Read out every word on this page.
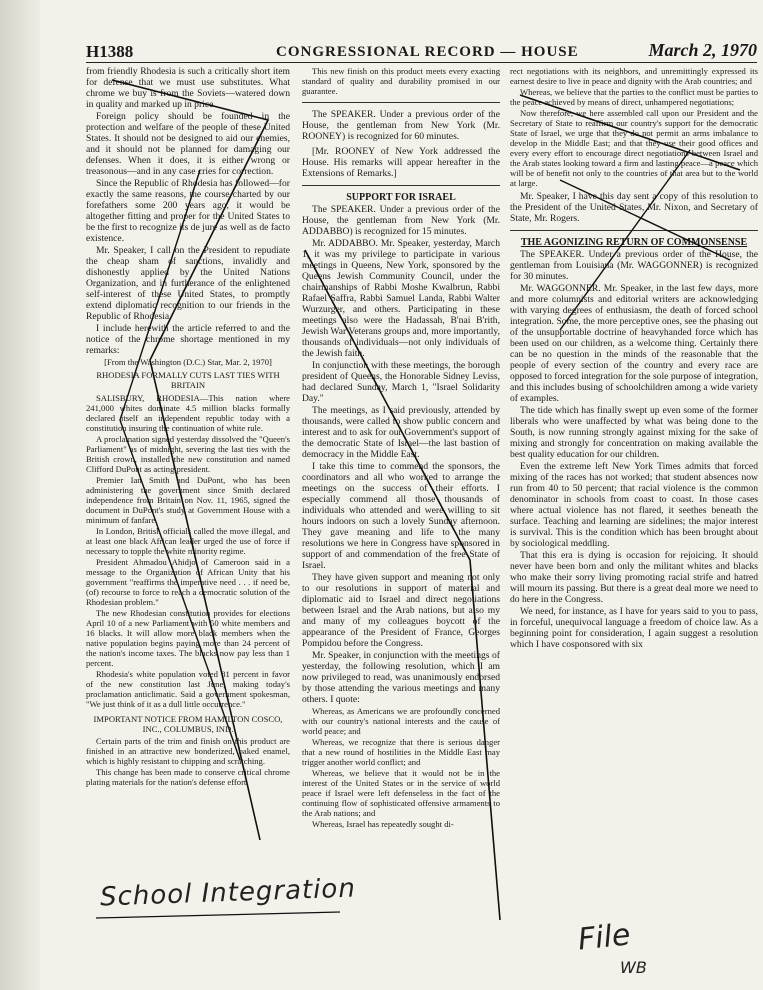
H1388	CONGRESSIONAL RECORD — HOUSE	March 2, 1970

from friendly Rhodesia is such a critically short item for defense that we must use substitutes. What chrome we buy is from the Soviets—watered down in quality and marked up in price.

Foreign policy should be founded in the protection and welfare of the people of these United States. It should not be designed to aid our enemies, and it should not be planned for damaging our defenses. When it does, it is either wrong or treasonous—and in any case cries for correction.

Since the Republic of Rhodesia has followed—for exactly the same reasons, the course charted by our forefathers some 200 years ago, it would be altogether fitting and proper for the United States to be the first to recognize its de jure as well as de facto existence.

Mr. Speaker, I call on the President to repudiate the cheap sham of sanctions, invalidly and dishonestly applied by the United Nations Organization, and in furtherance of the enlightened self-interest of these United States, to promptly extend diplomatic recognition to our friends in the Republic of Rhodesia.

I include herewith the article referred to and the notice of the chrome shortage mentioned in my remarks:

[From the Washington (D.C.) Star, Mar. 2, 1970]

RHODESIA FORMALLY CUTS LAST TIES WITH BRITAIN

SALISBURY, RHODESIA—This nation where 241,000 whites dominate 4.5 million blacks formally declared itself an independent republic today with a constitution insuring the continuation of white rule.

A proclamation signed yesterday dissolved the "Queen's Parliament" as of midnight, severing the last ties with the British crown, installed the new constitution and named Clifford DuPont as acting president.

Premier Ian Smith and DuPont, who has been administering the government since Smith declared independence from Britain on Nov. 11, 1965, signed the document in DuPont's study at Government House with a minimum of fanfare.

In London, British officials called the move illegal, and at least one black African leader urged the use of force if necessary to topple the white minority regime.

President Ahmadou Ahidjo of Cameroon said in a message to the Organization of African Unity that his government "reaffirms the imperative need . . . if need be, (of) recourse to force to reach a democratic solution of the Rhodesian problem."

The new Rhodesian constitution provides for elections April 10 of a new Parliament with 50 white members and 16 blacks. It will allow more black members when the native population begins paying more than 24 percent of the nation's income taxes. The blacks now pay less than 1 percent.

Rhodesia's white population voted 81 percent in favor of the new constitution last June, making today's proclamation anticlimatic. Said a government spokesman, "We just think of it as a dull little occurrence."

IMPORTANT NOTICE FROM HAMILTON COSCO, INC., COLUMBUS, IND.

Certain parts of the trim and finish on this product are finished in an attractive new bonderized, baked enamel, which is highly resistant to chipping and scratching.

This change has been made to conserve critical chrome plating materials for the nation's defense effort.

This new finish on this product meets every exacting standard of quality and durability promised in our guarantee.

The SPEAKER. Under a previous order of the House, the gentleman from New York (Mr. ROONEY) is recognized for 60 minutes.

[Mr. ROONEY of New York addressed the House. His remarks will appear hereafter in the Extensions of Remarks.]

SUPPORT FOR ISRAEL

The SPEAKER. Under a previous order of the House, the gentleman from New York (Mr. ADDABBO) is recognized for 15 minutes.

Mr. ADDABBO. Mr. Speaker, yesterday, March 1, it was my privilege to participate in various meetings in Queens, New York, sponsored by the Queens Jewish Community Council, under the chairmanships of Rabbi Moshe Kwalbrun, Rabbi Rafael Saffra, Rabbi Samuel Landa, Rabbi Walter Wurzurger, and others. Participating in these meetings also were the Hadassah, B'nai B'rith, Jewish War Veterans groups and, more importantly, thousands of individuals—not only individuals of the Jewish faith.

In conjunction with these meetings, the borough president of Queens, the Honorable Sidney Leviss, had declared Sunday, March 1, "Israel Solidarity Day."

The meetings, as I said previously, attended by thousands, were called to show public concern and interest and to ask for our Government's support of the democratic State of Israel—the last bastion of democracy in the Middle East.

I take this time to commend the sponsors, the coordinators and all who worked to arrange the meetings on the success of their efforts. I especially commend all those thousands of individuals who attended and were willing to sit hours indoors on such a lovely Sunday afternoon. They gave meaning and life to the many resolutions we here in Congress have sponsored in support of and commendation of the free State of Israel.

They have given support and meaning not only to our resolutions in support of material and diplomatic aid to Israel and direct negotiations between Israel and the Arab nations, but also my and many of my colleagues boycott of the appearance of the President of France, Georges Pompidou before the Congress.

Mr. Speaker, in conjunction with the meetings of yesterday, the following resolution, which I am now privileged to read, was unanimously endorsed by those attending the various meetings and many others. I quote:

Whereas, as Americans we are profoundly concerned with our country's national interests and the cause of world peace; and

Whereas, we recognize that there is serious danger that a new round of hostilities in the Middle East may trigger another world conflict; and

Whereas, we believe that it would not be in the interest of the United States or in the service of world peace if Israel were left defenseless in the fact of the continuing flow of sophisticated offensive armaments to the Arab nations; and

Whereas, Israel has repeatedly sought di-

rect negotiations with its neighbors, and unremittingly expressed its earnest desire to live in peace and dignity with the Arab countries; and

Whereas, we believe that the parties to the conflict must be parties to the peace achieved by means of direct, unhampered negotiations;

Now therefore, we here assembled call upon our President and the Secretary of State to reaffirm our country's support for the democratic State of Israel, we urge that they do not permit an arms imbalance to develop in the Middle East; and that they use their good offices and every every effort to encourage direct negotiations between Israel and the Arab states looking toward a firm and lasting peace—a peace which will be of benefit not only to the countries of that area but to the world at large.

Mr. Speaker, I have this day sent a copy of this resolution to the President of the United States, Mr. Nixon, and Secretary of State, Mr. Rogers.

THE AGONIZING RETURN OF COMMONSENSE

The SPEAKER. Under a previous order of the House, the gentleman from Louisiana (Mr. WAGGONNER) is recognized for 30 minutes.

Mr. WAGGONNER. Mr. Speaker, in the last few days, more and more columnists and editorial writers are acknowledging with varying degrees of enthusiasm, the death of forced school integration. Some, the more perceptive ones, see the phasing out of the unsupportable doctrine of heavyhanded force which has been used on our children, as a welcome thing. Certainly there can be no question in the minds of the reasonable that the people of every section of the country and every race are opposed to forced integration for the sole purpose of integration, and this includes busing of schoolchildren among a wide variety of examples.

The tide which has finally swept up even some of the former liberals who were unaffected by what was being done to the South, is now running strongly against mixing for the sake of mixing and strongly for concentration on making available the best quality education for our children.

Even the extreme left New York Times admits that forced mixing of the races has not worked; that student absences now run from 40 to 50 percent; that racial violence is the common denominator in schools from coast to coast. In those cases where actual violence has not flared, it seethes beneath the surface. Teaching and learning are sidelines; the major interest is survival. This is the condition which has been brought about by sociological meddling.

That this era is dying is occasion for rejoicing. It should never have been born and only the militant whites and blacks who make their sorry living promoting racial strife and hatred will mourn its passing. But there is a great deal more we need to do here in the Congress.

We need, for instance, as I have for years said to you to pass, in forceful, unequivocal language a freedom of choice law. As a beginning point for consideration, I again suggest a resolution which I have cosponsored with six

School Integration
File
WB
